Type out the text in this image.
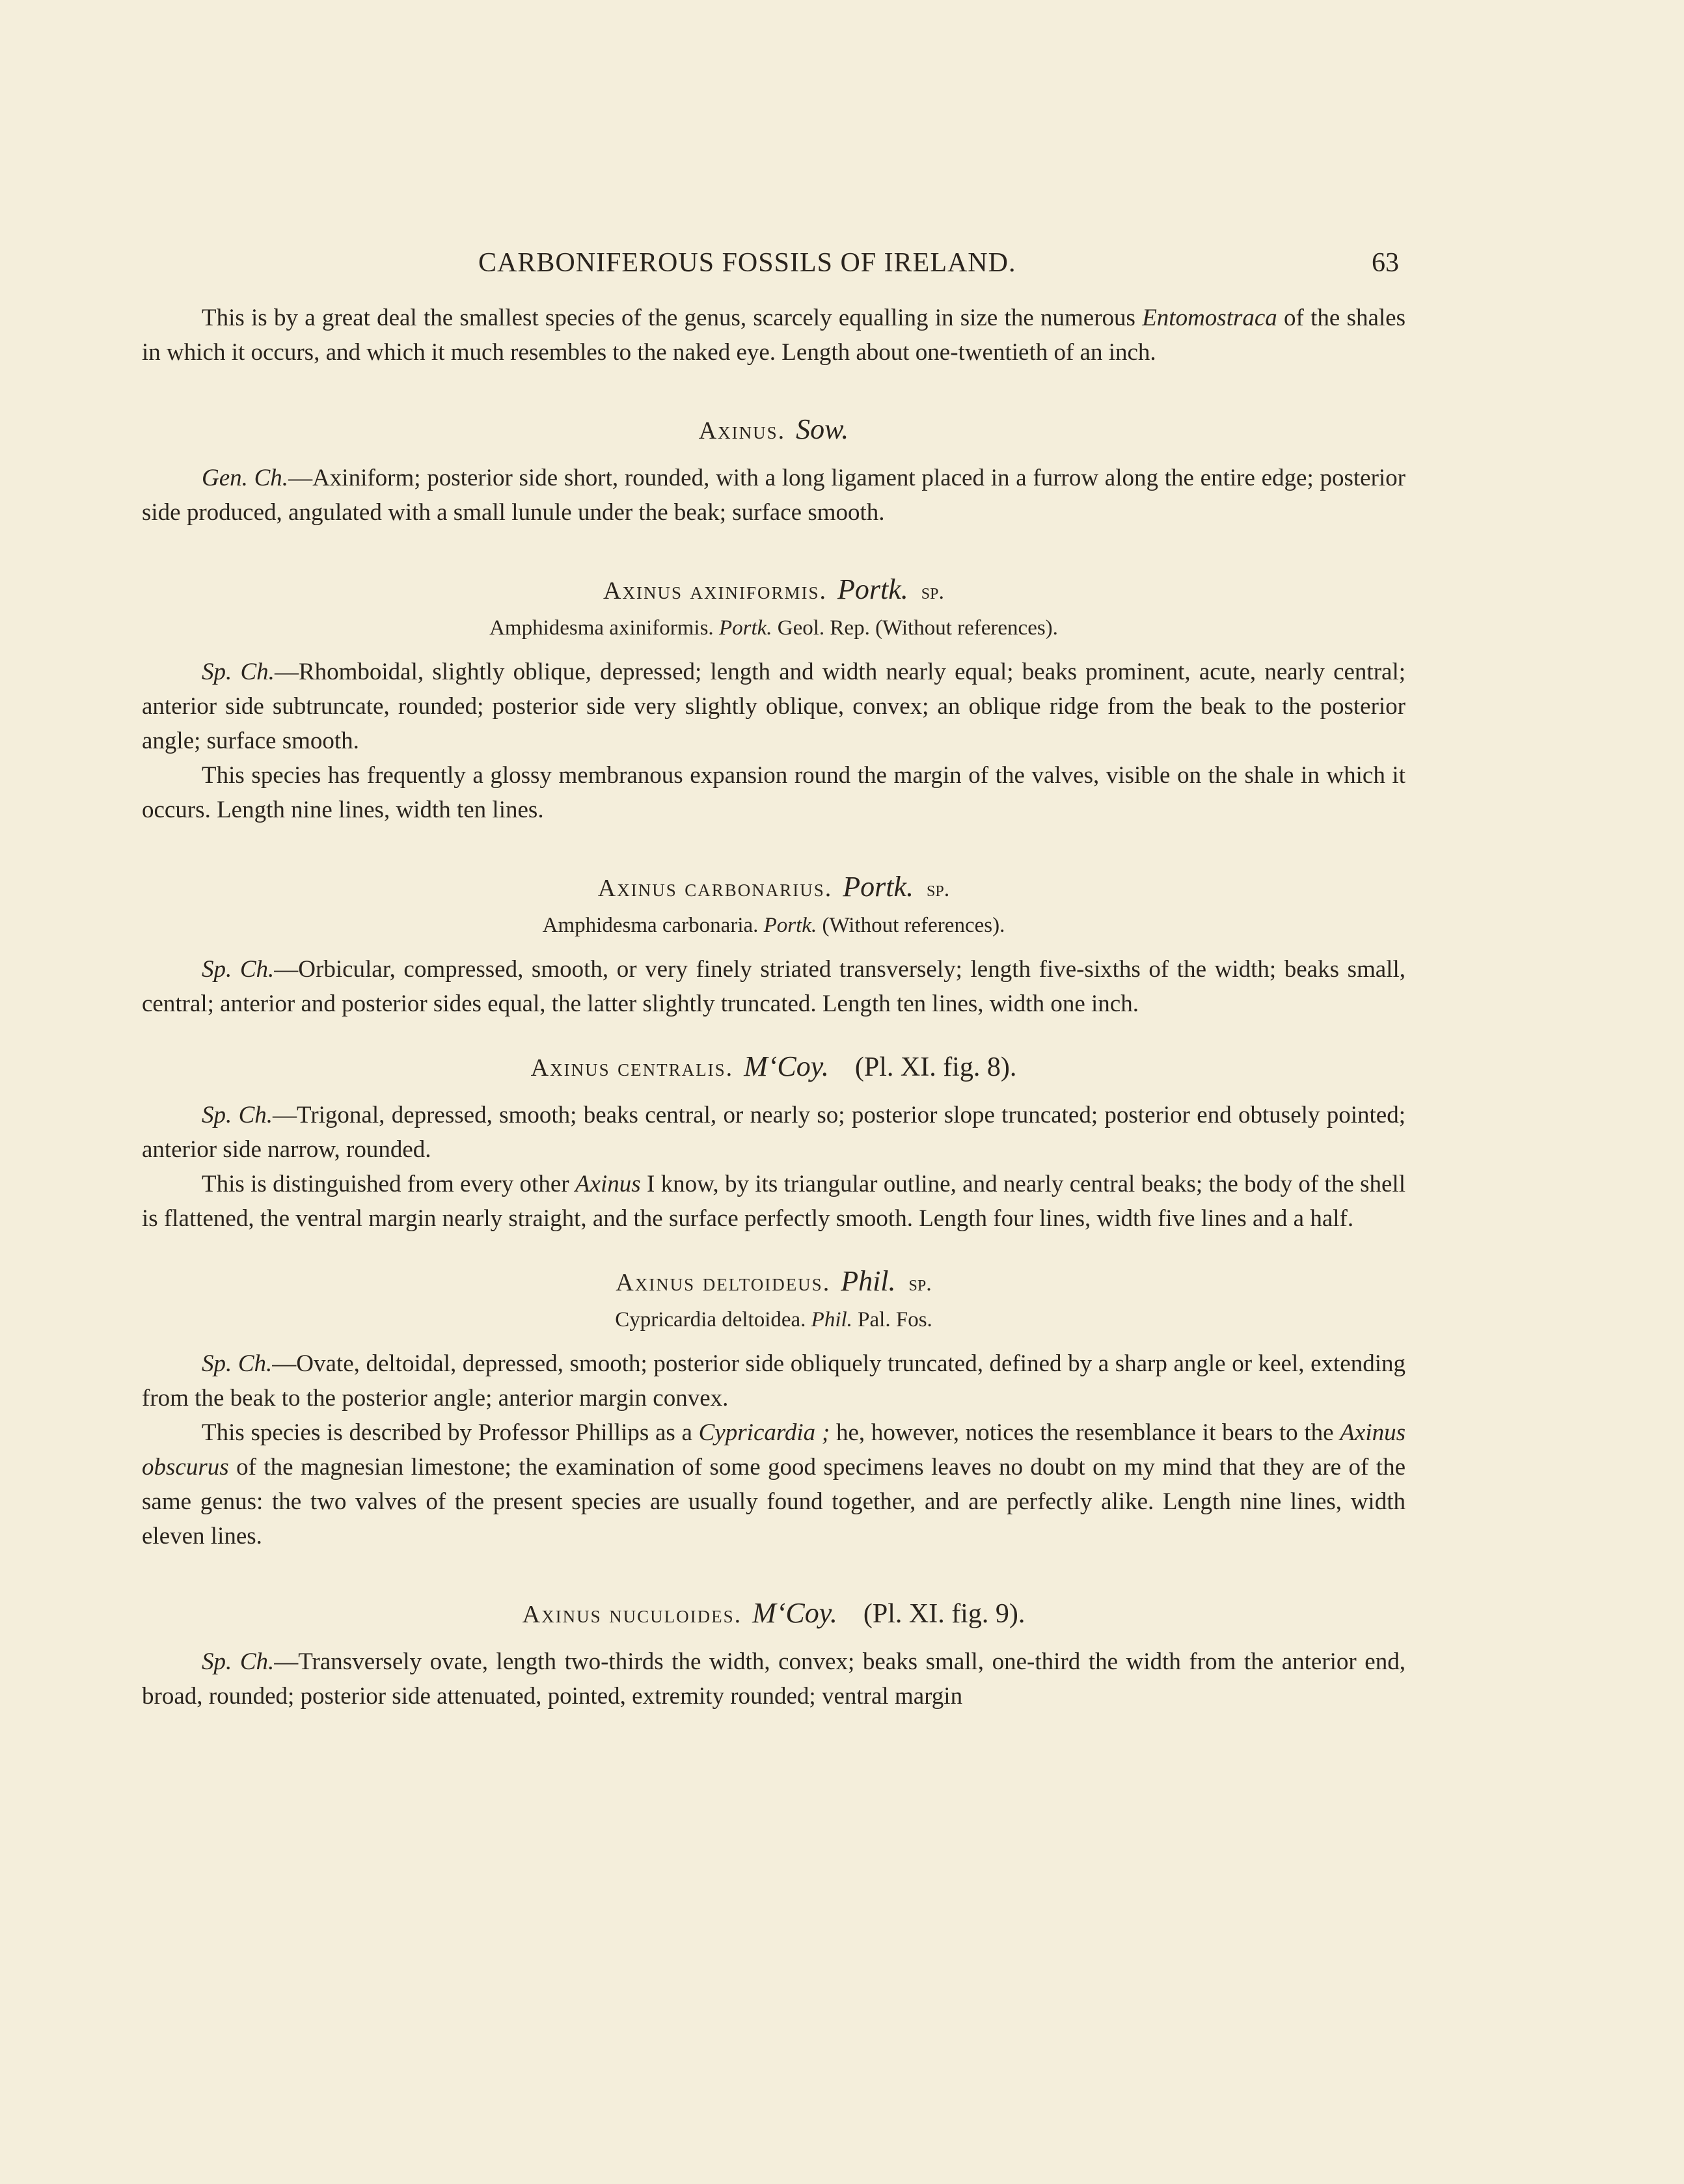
CARBONIFEROUS FOSSILS OF IRELAND.	63

This is by a great deal the smallest species of the genus, scarcely equalling in size the numerous Entomostraca of the shales in which it occurs, and which it much resembles to the naked eye. Length about one-twentieth of an inch.

Axinus. Sow.

Gen. Ch.—Axiniform; posterior side short, rounded, with a long ligament placed in a furrow along the entire edge; posterior side produced, angulated with a small lunule under the beak; surface smooth.

Axinus axiniformis. Portk. sp.
Amphidesma axiniformis. Portk. Geol. Rep. (Without references).

Sp. Ch.—Rhomboidal, slightly oblique, depressed; length and width nearly equal; beaks prominent, acute, nearly central; anterior side subtruncate, rounded; posterior side very slightly oblique, convex; an oblique ridge from the beak to the posterior angle; surface smooth.

This species has frequently a glossy membranous expansion round the margin of the valves, visible on the shale in which it occurs. Length nine lines, width ten lines.

Axinus carbonarius. Portk. sp.
Amphidesma carbonaria. Portk. (Without references).

Sp. Ch.—Orbicular, compressed, smooth, or very finely striated transversely; length five-sixths of the width; beaks small, central; anterior and posterior sides equal, the latter slightly truncated. Length ten lines, width one inch.

Axinus centralis. M‘Coy. (Pl. XI. fig. 8).

Sp. Ch.—Trigonal, depressed, smooth; beaks central, or nearly so; posterior slope truncated; posterior end obtusely pointed; anterior side narrow, rounded.

This is distinguished from every other Axinus I know, by its triangular outline, and nearly central beaks; the body of the shell is flattened, the ventral margin nearly straight, and the surface perfectly smooth. Length four lines, width five lines and a half.

Axinus deltoideus. Phil. sp.
Cypricardia deltoidea. Phil. Pal. Fos.

Sp. Ch.—Ovate, deltoidal, depressed, smooth; posterior side obliquely truncated, defined by a sharp angle or keel, extending from the beak to the posterior angle; anterior margin convex.

This species is described by Professor Phillips as a Cypricardia ; he, however, notices the resemblance it bears to the Axinus obscurus of the magnesian limestone; the examination of some good specimens leaves no doubt on my mind that they are of the same genus: the two valves of the present species are usually found together, and are perfectly alike. Length nine lines, width eleven lines.

Axinus nuculoides. M‘Coy. (Pl. XI. fig. 9).

Sp. Ch.—Transversely ovate, length two-thirds the width, convex; beaks small, one-third the width from the anterior end, broad, rounded; posterior side attenuated, pointed, extremity rounded; ventral margin
